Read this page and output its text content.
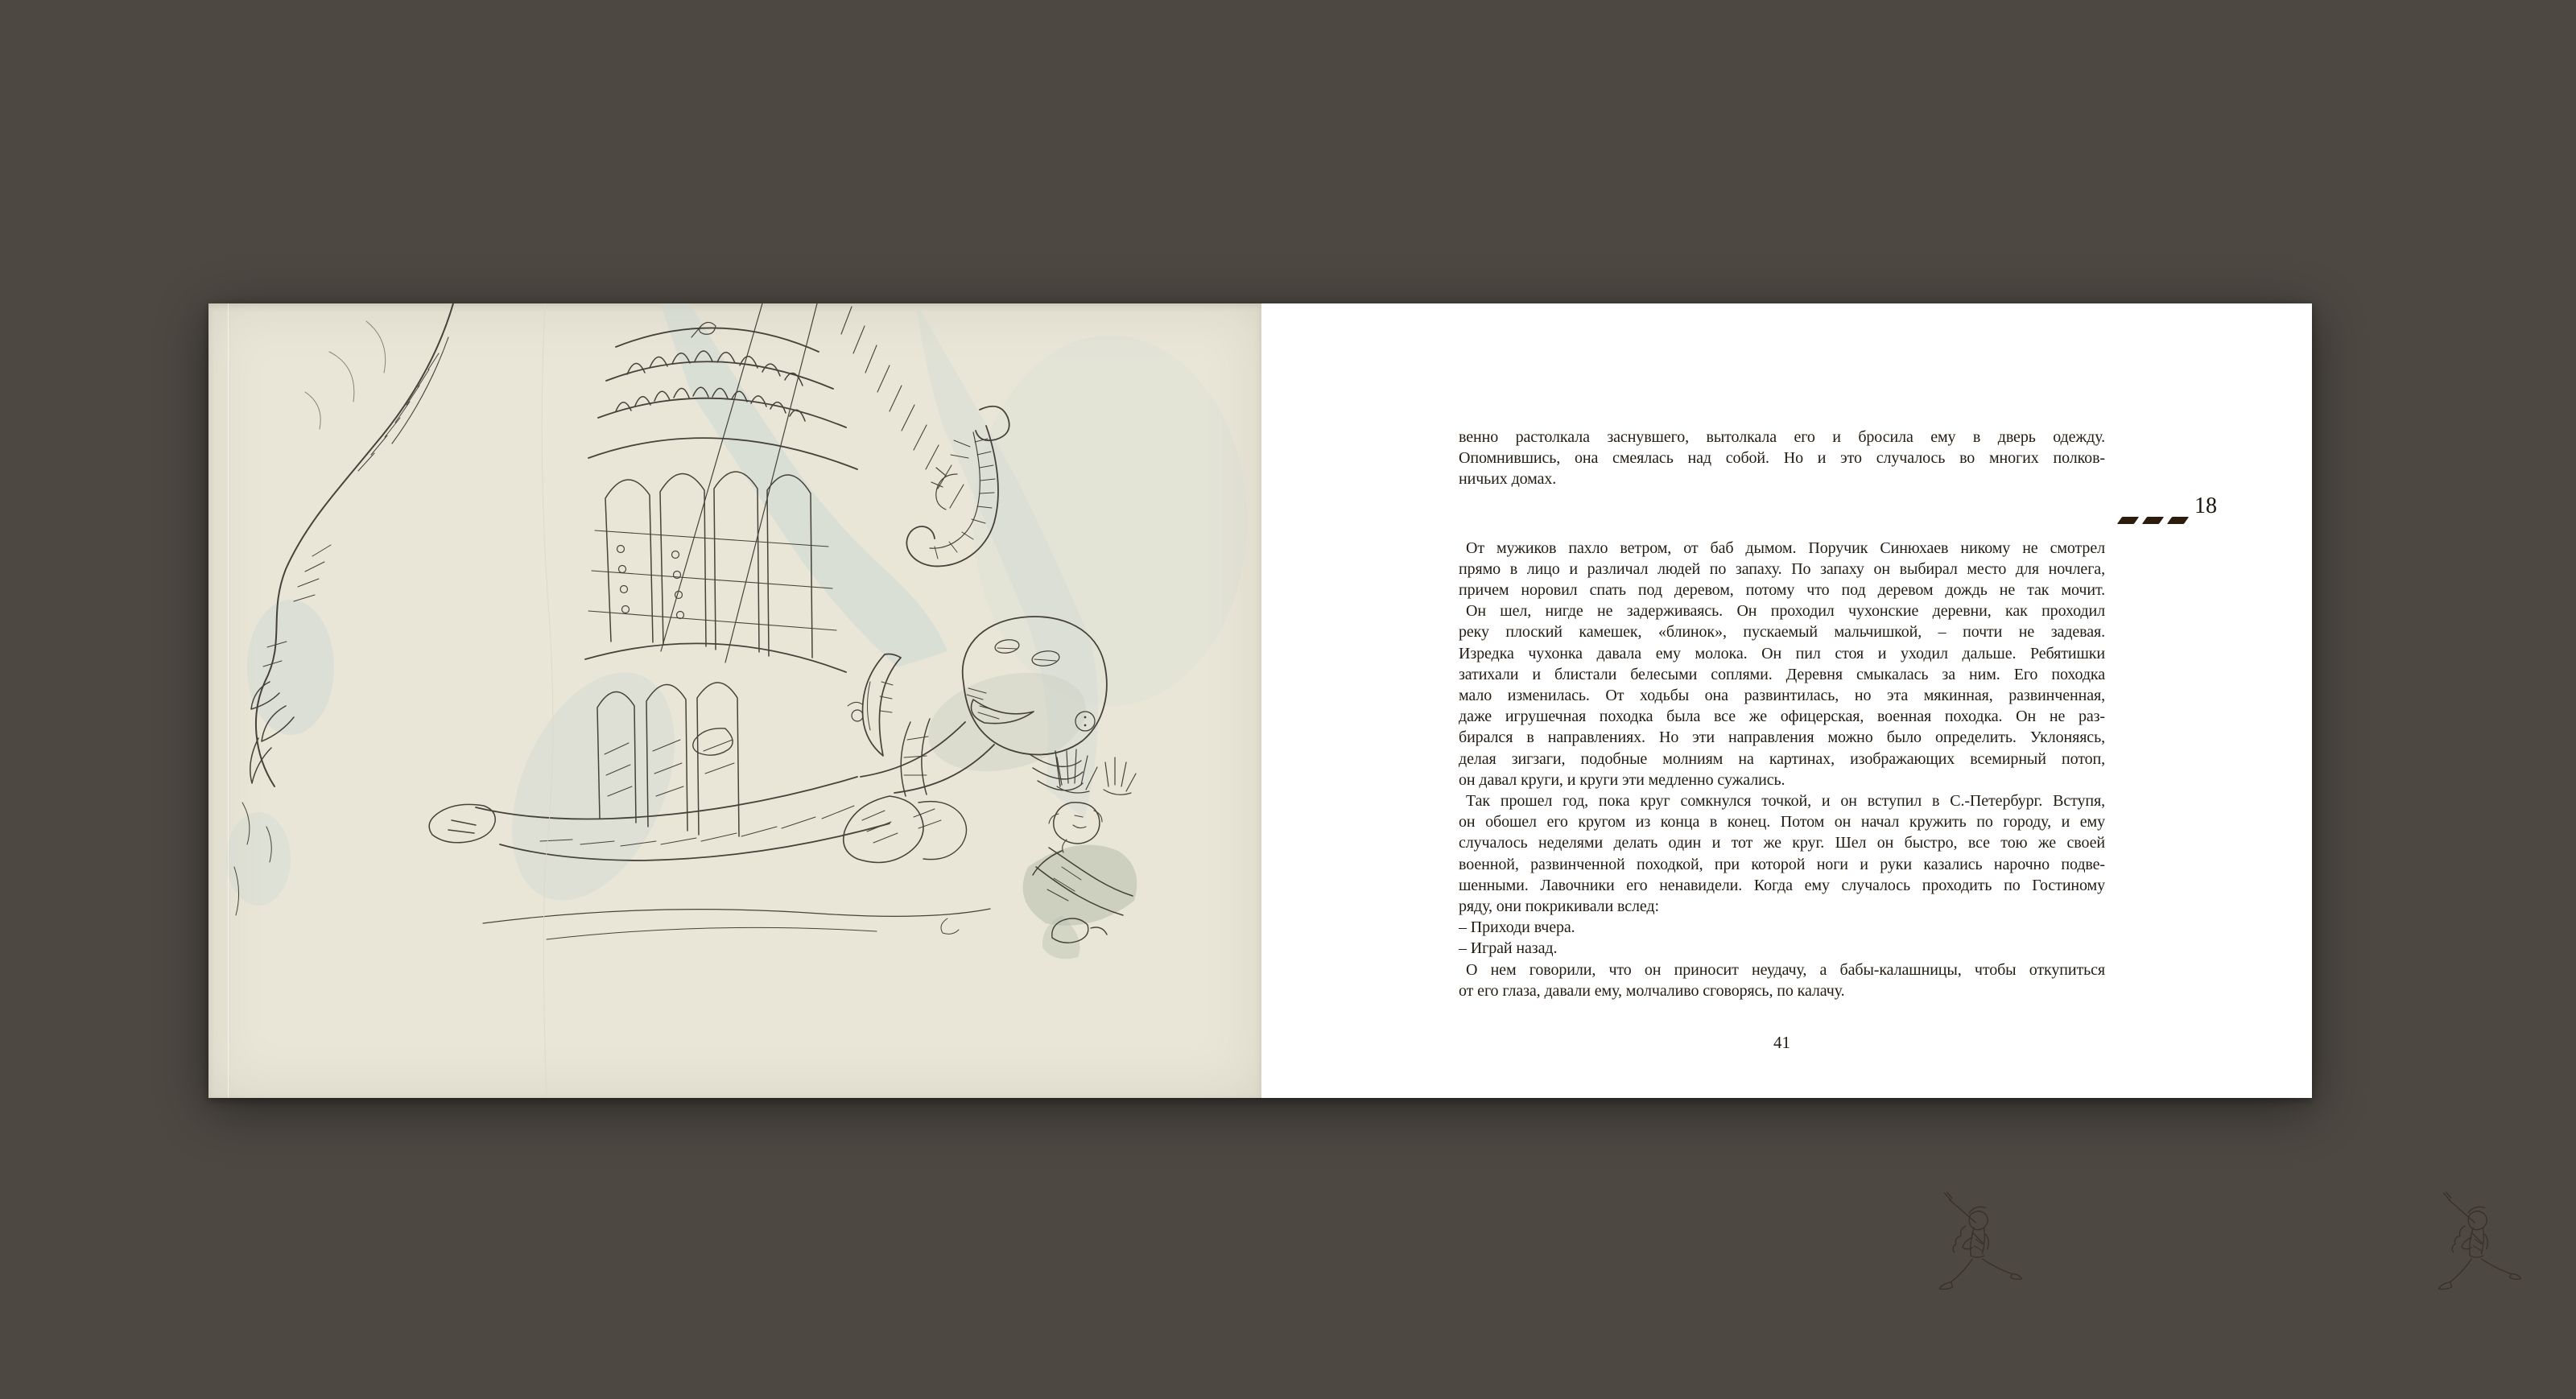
18
венно растолкала заснувшего, вытолкала его и бросила ему в дверь одежду.
Опомнившись, она смеялась над собой. Но и это случалось во многих полков-
ничьих домах.
От мужиков пахло ветром, от баб дымом. Поручик Синюхаев никому не смотрел
прямо в лицо и различал людей по запаху. По запаху он выбирал место для ночлега,
причем норовил спать под деревом, потому что под деревом дождь не так мочит.
Он шел, нигде не задерживаясь. Он проходил чухонские деревни, как проходил
реку плоский камешек, «блинок», пускаемый мальчишкой, – почти не задевая.
Изредка чухонка давала ему молока. Он пил стоя и уходил дальше. Ребятишки
затихали и блистали белесыми соплями. Деревня смыкалась за ним. Его походка
мало изменилась. От ходьбы она развинтилась, но эта мякинная, развинченная,
даже игрушечная походка была все же офицерская, военная походка. Он не раз-
бирался в направлениях. Но эти направления можно было определить. Уклоняясь,
делая зигзаги, подобные молниям на картинах, изображающих всемирный потоп,
он давал круги, и круги эти медленно сужались.
Так прошел год, пока круг сомкнулся точкой, и он вступил в С.-Петербург. Вступя,
он обошел его кругом из конца в конец. Потом он начал кружить по городу, и ему
случалось неделями делать один и тот же круг. Шел он быстро, все тою же своей
военной, развинченной походкой, при которой ноги и руки казались нарочно подве-
шенными. Лавочники его ненавидели. Когда ему случалось проходить по Гостиному
ряду, они покрикивали вслед:
– Приходи вчера.
– Играй назад.
О нем говорили, что он приносит неудачу, а бабы-калашницы, чтобы откупиться
от его глаза, давали ему, молчаливо сговорясь, по калачу.
41
